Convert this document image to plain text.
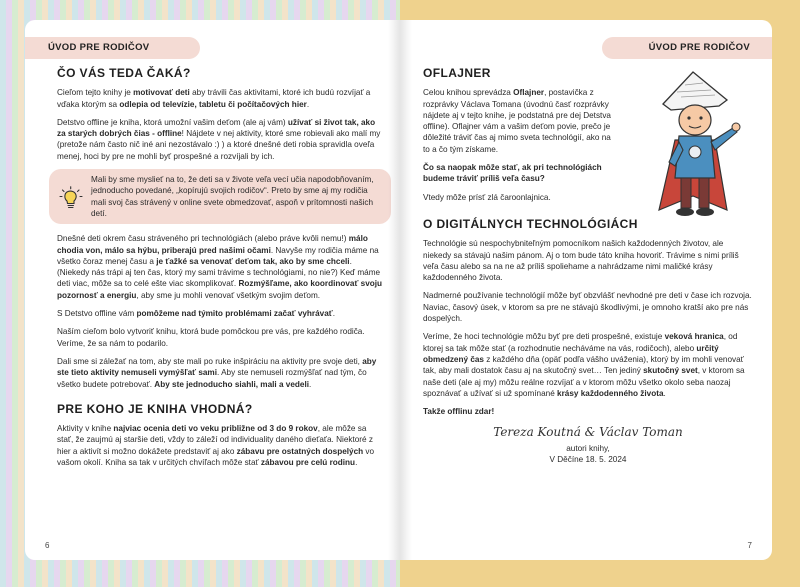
ÚVOD PRE RODIČOV
ČO VÁS TEDA ČAKÁ?

Cieľom tejto knihy je motivovať deti aby trávili čas aktivitami, ktoré ich budú rozvíjať a vďaka ktorým sa odlepia od televízie, tabletu či počítačových hier.

Detstvo offline je kniha, ktorá umožní vašim deťom (ale aj vám) užívať si život tak, ako za starých dobrých čias - offline! Nájdete v nej aktivity, ktoré sme robievali ako malí my (pretože nám často nič iné ani nezostávalo :) ) a ktoré dnešné deti robia spravidla oveľa menej, hoci by pre ne mohli byť prospešné a rozvíjali by ich.

Mali by sme myslieť na to, že deti sa v živote veľa vecí učia napodobňovaním, jednoducho povedané, „kopírujú svojich rodičov“. Preto by sme aj my rodičia mali svoj čas strávený v online svete obmedzovať, aspoň v prítomnosti našich detí.

Dnešné deti okrem času stráveného pri technológiách (alebo práve kvôli nemu!) málo chodia von, málo sa hýbu, priberajú pred našimi očami. Navyše my rodičia máme na všetko čoraz menej času a je ťažké sa venovať deťom tak, ako by sme chceli. (Niekedy nás trápi aj ten čas, ktorý my sami trávime s technológiami, no nie?) Keď máme deti viac, môže sa to celé ešte viac skomplikovať. Rozmýšľame, ako koordinovať svoju pozornosť a energiu, aby sme ju mohli venovať všetkým svojim deťom.

S Detstvo offline vám pomôžeme nad týmito problémami začať vyhrávať.

Naším cieľom bolo vytvoriť knihu, ktorá bude pomôckou pre vás, pre každého rodiča. Veríme, že sa nám to podarilo.

Dali sme si záležať na tom, aby ste mali po ruke inšpiráciu na aktivity pre svoje deti, aby ste tieto aktivity nemuseli vymýšľať sami. Aby ste nemuseli rozmýšľať nad tým, čo všetko budete potrebovať. Aby ste jednoducho siahli, mali a vedeli.

PRE KOHO JE KNIHA VHODNÁ?

Aktivity v knihe najviac ocenia deti vo veku približne od 3 do 9 rokov, ale môže sa stať, že zaujmú aj staršie deti, vždy to záleží od individuality daného dieťaťa. Niektoré z hier a aktivít si možno dokážete predstaviť aj ako zábavu pre ostatných dospelých vo vašom okolí. Kniha sa tak v určitých chvíľach môže stať zábavou pre celú rodinu.

6
ÚVOD PRE RODIČOV
OFLAJNER

Celou knihou sprevádza Oflajner, postavička z rozprávky Václava Tomana (úvodnú časť rozprávky nájdete aj v tejto knihe, je podstatná pre dej Detstva offline). Oflajner vám a vašim deťom povie, prečo je dôležité tráviť čas aj mimo sveta technológií, ako na to a čo tým získame.

Čo sa naopak môže stať, ak pri technológiách budeme tráviť príliš veľa času?

Vtedy môže prísť zlá čaroonlajnica.

O DIGITÁLNYCH TECHNOLÓGIÁCH

Technológie sú nespochybniteľným pomocníkom našich každodenných životov, ale niekedy sa stávajú našim pánom. Aj o tom bude táto kniha hovoriť. Trávime s nimi príliš veľa času alebo sa na ne až príliš spoliehame a nahrádzame nimi maličké krásy každodenného života.

Nadmerné používanie technológií môže byť obzvlášť nevhodné pre deti v čase ich rozvoja. Naviac, časový úsek, v ktorom sa pre ne stávajú škodlivými, je omnoho kratší ako pre nás dospelých.

Veríme, že hoci technológie môžu byť pre deti prospešné, existuje veková hranica, od ktorej sa tak môže stať (a rozhodnutie necháváme na vás, rodičoch), alebo určitý obmedzený čas z každého dňa (opäť podľa vášho uváženia), ktorý by im mohli venovať tak, aby mali dostatok času aj na skutočný svet… Ten jediný skutočný svet, v ktorom sa naše deti (ale aj my) môžu reálne rozvíjať a v ktorom môžu všetko okolo seba naozaj spoznávať a užívať si už spomínané krásy každodenného života.

Takže offlinu zdar!

Tereza Koutná & Václav Toman
autori knihy,
V Děčíne 18. 5. 2024
7
